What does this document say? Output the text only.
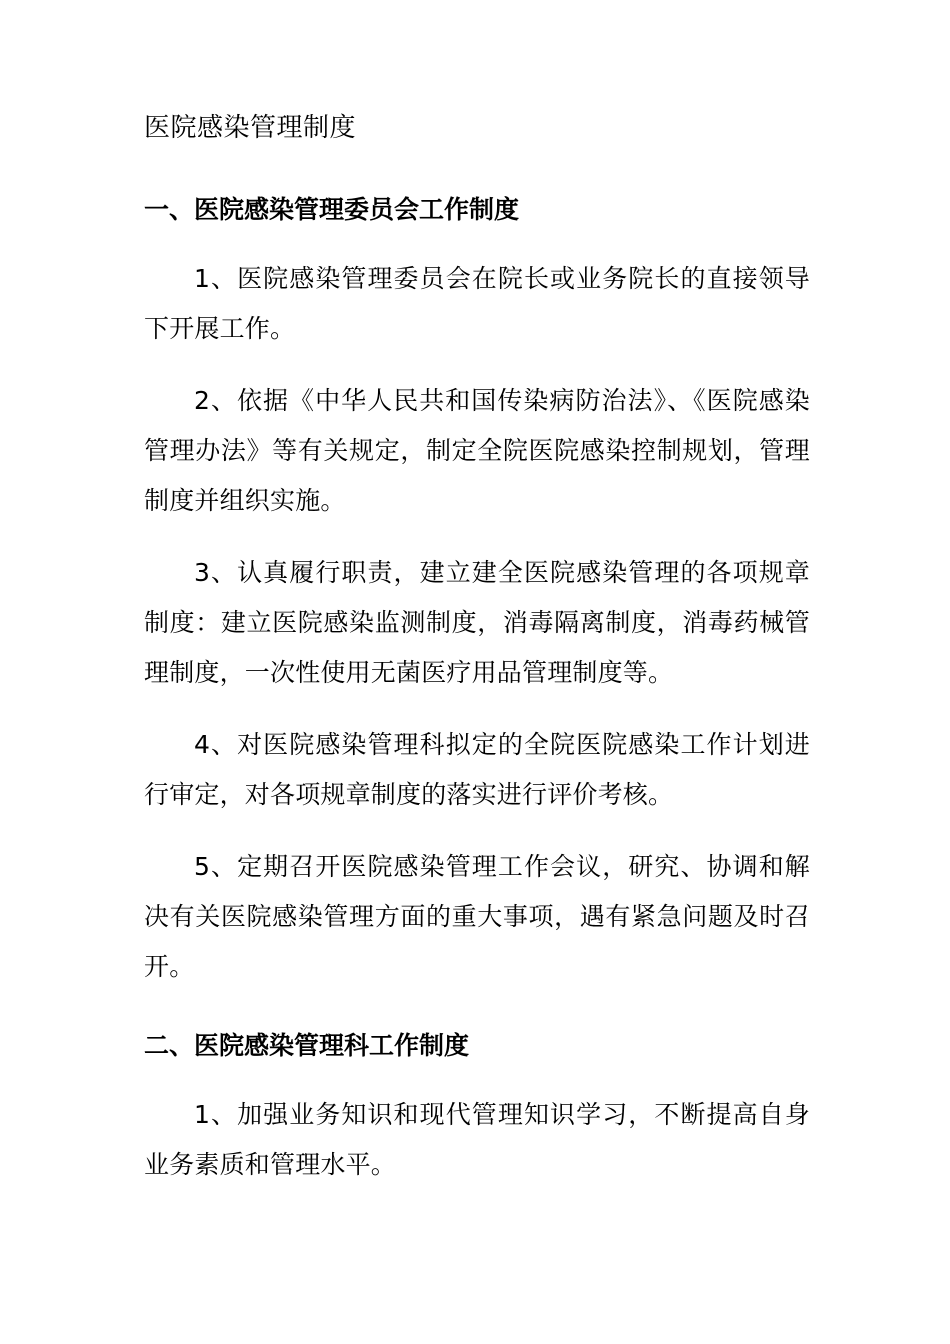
医院感染管理制度
一、医院感染管理委员会工作制度

1、医院感染管理委员会在院长或业务院长的直接领导下开展工作。

2、依据《中华人民共和国传染病防治法》、《医院感染管理办法》等有关规定，制定全院医院感染控制规划，管理制度并组织实施。

3、认真履行职责，建立建全医院感染管理的各项规章制度：建立医院感染监测制度，消毒隔离制度，消毒药械管理制度，一次性使用无菌医疗用品管理制度等。

4、对医院感染管理科拟定的全院医院感染工作计划进行审定，对各项规章制度的落实进行评价考核。

5、定期召开医院感染管理工作会议，研究、协调和解决有关医院感染管理方面的重大事项，遇有紧急问题及时召开。

二、医院感染管理科工作制度

1、加强业务知识和现代管理知识学习，不断提高自身业务素质和管理水平。
